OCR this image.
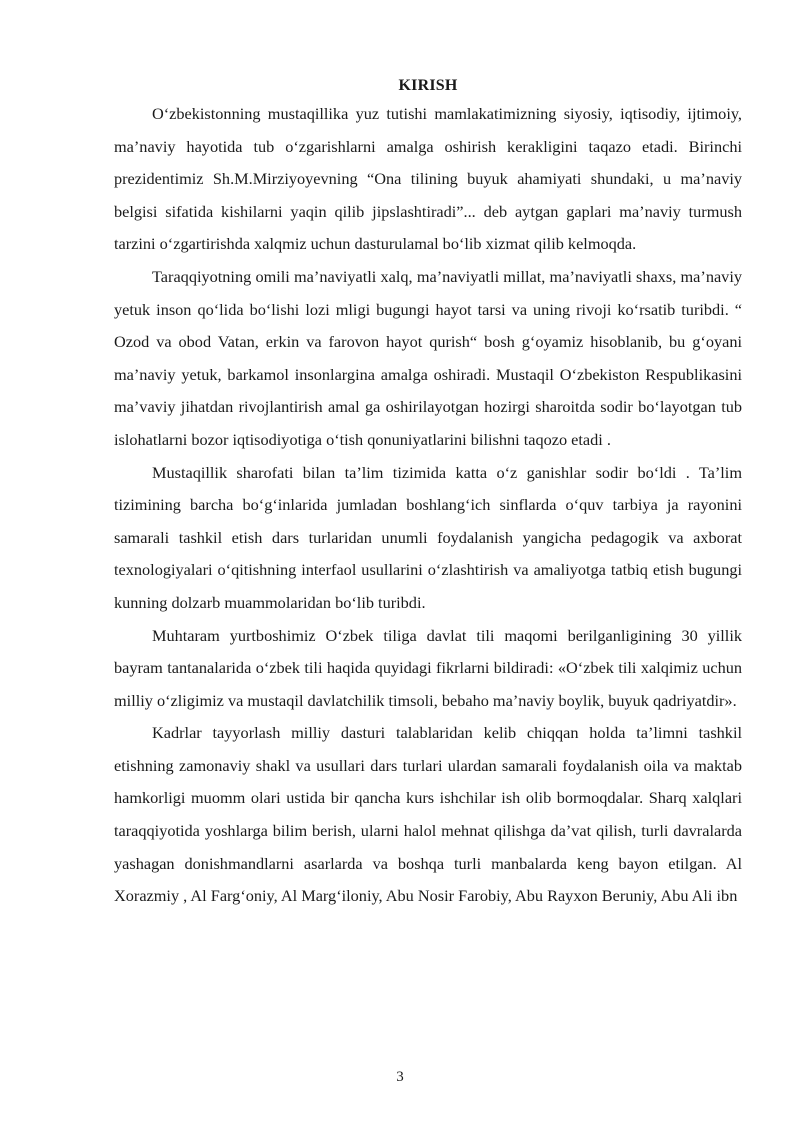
KIRISH

O‘zbekistonning mustaqillika yuz tutishi mamlakatimizning siyosiy, iqtisodiy, ijtimoiy, ma’naviy hayotida tub o‘zgarishlarni amalga oshirish kerakligini taqazo etadi. Birinchi prezidentimiz Sh.M.Mirziyoyevning “Ona tilining buyuk ahamiyati shundaki, u ma’naviy belgisi sifatida kishilarni yaqin qilib jipslashtiradi”... deb aytgan gaplari ma’naviy turmush tarzini o‘zgartirishda xalqmiz uchun dasturulamal bo‘lib xizmat qilib kelmoqda.

Taraqqiyotning omili ma’naviyatli xalq, ma’naviyatli millat, ma’naviyatli shaxs, ma’naviy yetuk inson qo‘lida bo‘lishi lozi mligi bugungi hayot tarsi va uning rivoji ko‘rsatib turibdi. “ Ozod va obod Vatan, erkin va farovon hayot qurish“ bosh g‘oyamiz hisoblanib, bu g‘oyani ma’naviy yetuk, barkamol insonlargina amalga oshiradi. Mustaqil O‘zbekiston Respublikasini ma’vaviy jihatdan rivojlantirish amal ga oshirilayotgan hozirgi sharoitda sodir bo‘layotgan tub islohatlarni bozor iqtisodiyotiga o‘tish qonuniyatlarini bilishni taqozo etadi .

Mustaqillik sharofati bilan ta’lim tizimida katta o‘z ganishlar sodir bo‘ldi . Ta’lim tizimining barcha bo‘g‘inlarida jumladan boshlang‘ich sinflarda o‘quv tarbiya ja rayonini samarali tashkil etish dars turlaridan unumli foydalanish yangicha pedagogik va axborat texnologiyalari o‘qitishning interfaol usullarini o‘zlashtirish va amaliyotga tatbiq etish bugungi kunning dolzarb muammolaridan bo‘lib turibdi.

Muhtaram yurtboshimiz O‘zbek tiliga davlat tili maqomi berilganligining 30 yillik bayram tantanalarida o‘zbek tili haqida quyidagi fikrlarni bildiradi: «O‘zbek tili xalqimiz uchun milliy o‘zligimiz va mustaqil davlatchilik timsoli, bebaho ma’naviy boylik, buyuk qadriyatdir».

Kadrlar tayyorlash milliy dasturi talablaridan kelib chiqqan holda ta’limni tashkil etishning zamonaviy shakl va usullari dars turlari ulardan samarali foydalanish oila va maktab hamkorligi muomm olari ustida bir qancha kurs ishchilar ish olib bormoqdalar. Sharq xalqlari taraqqiyotida yoshlarga bilim berish, ularni halol mehnat qilishga da’vat qilish, turli davralarda yashagan donishmandlarni asarlarda va boshqa turli manbalarda keng bayon etilgan. Al Xorazmiy , Al Farg‘oniy, Al Marg‘iloniy, Abu Nosir Farobiy, Abu Rayxon Beruniy, Abu Ali ibn

3
